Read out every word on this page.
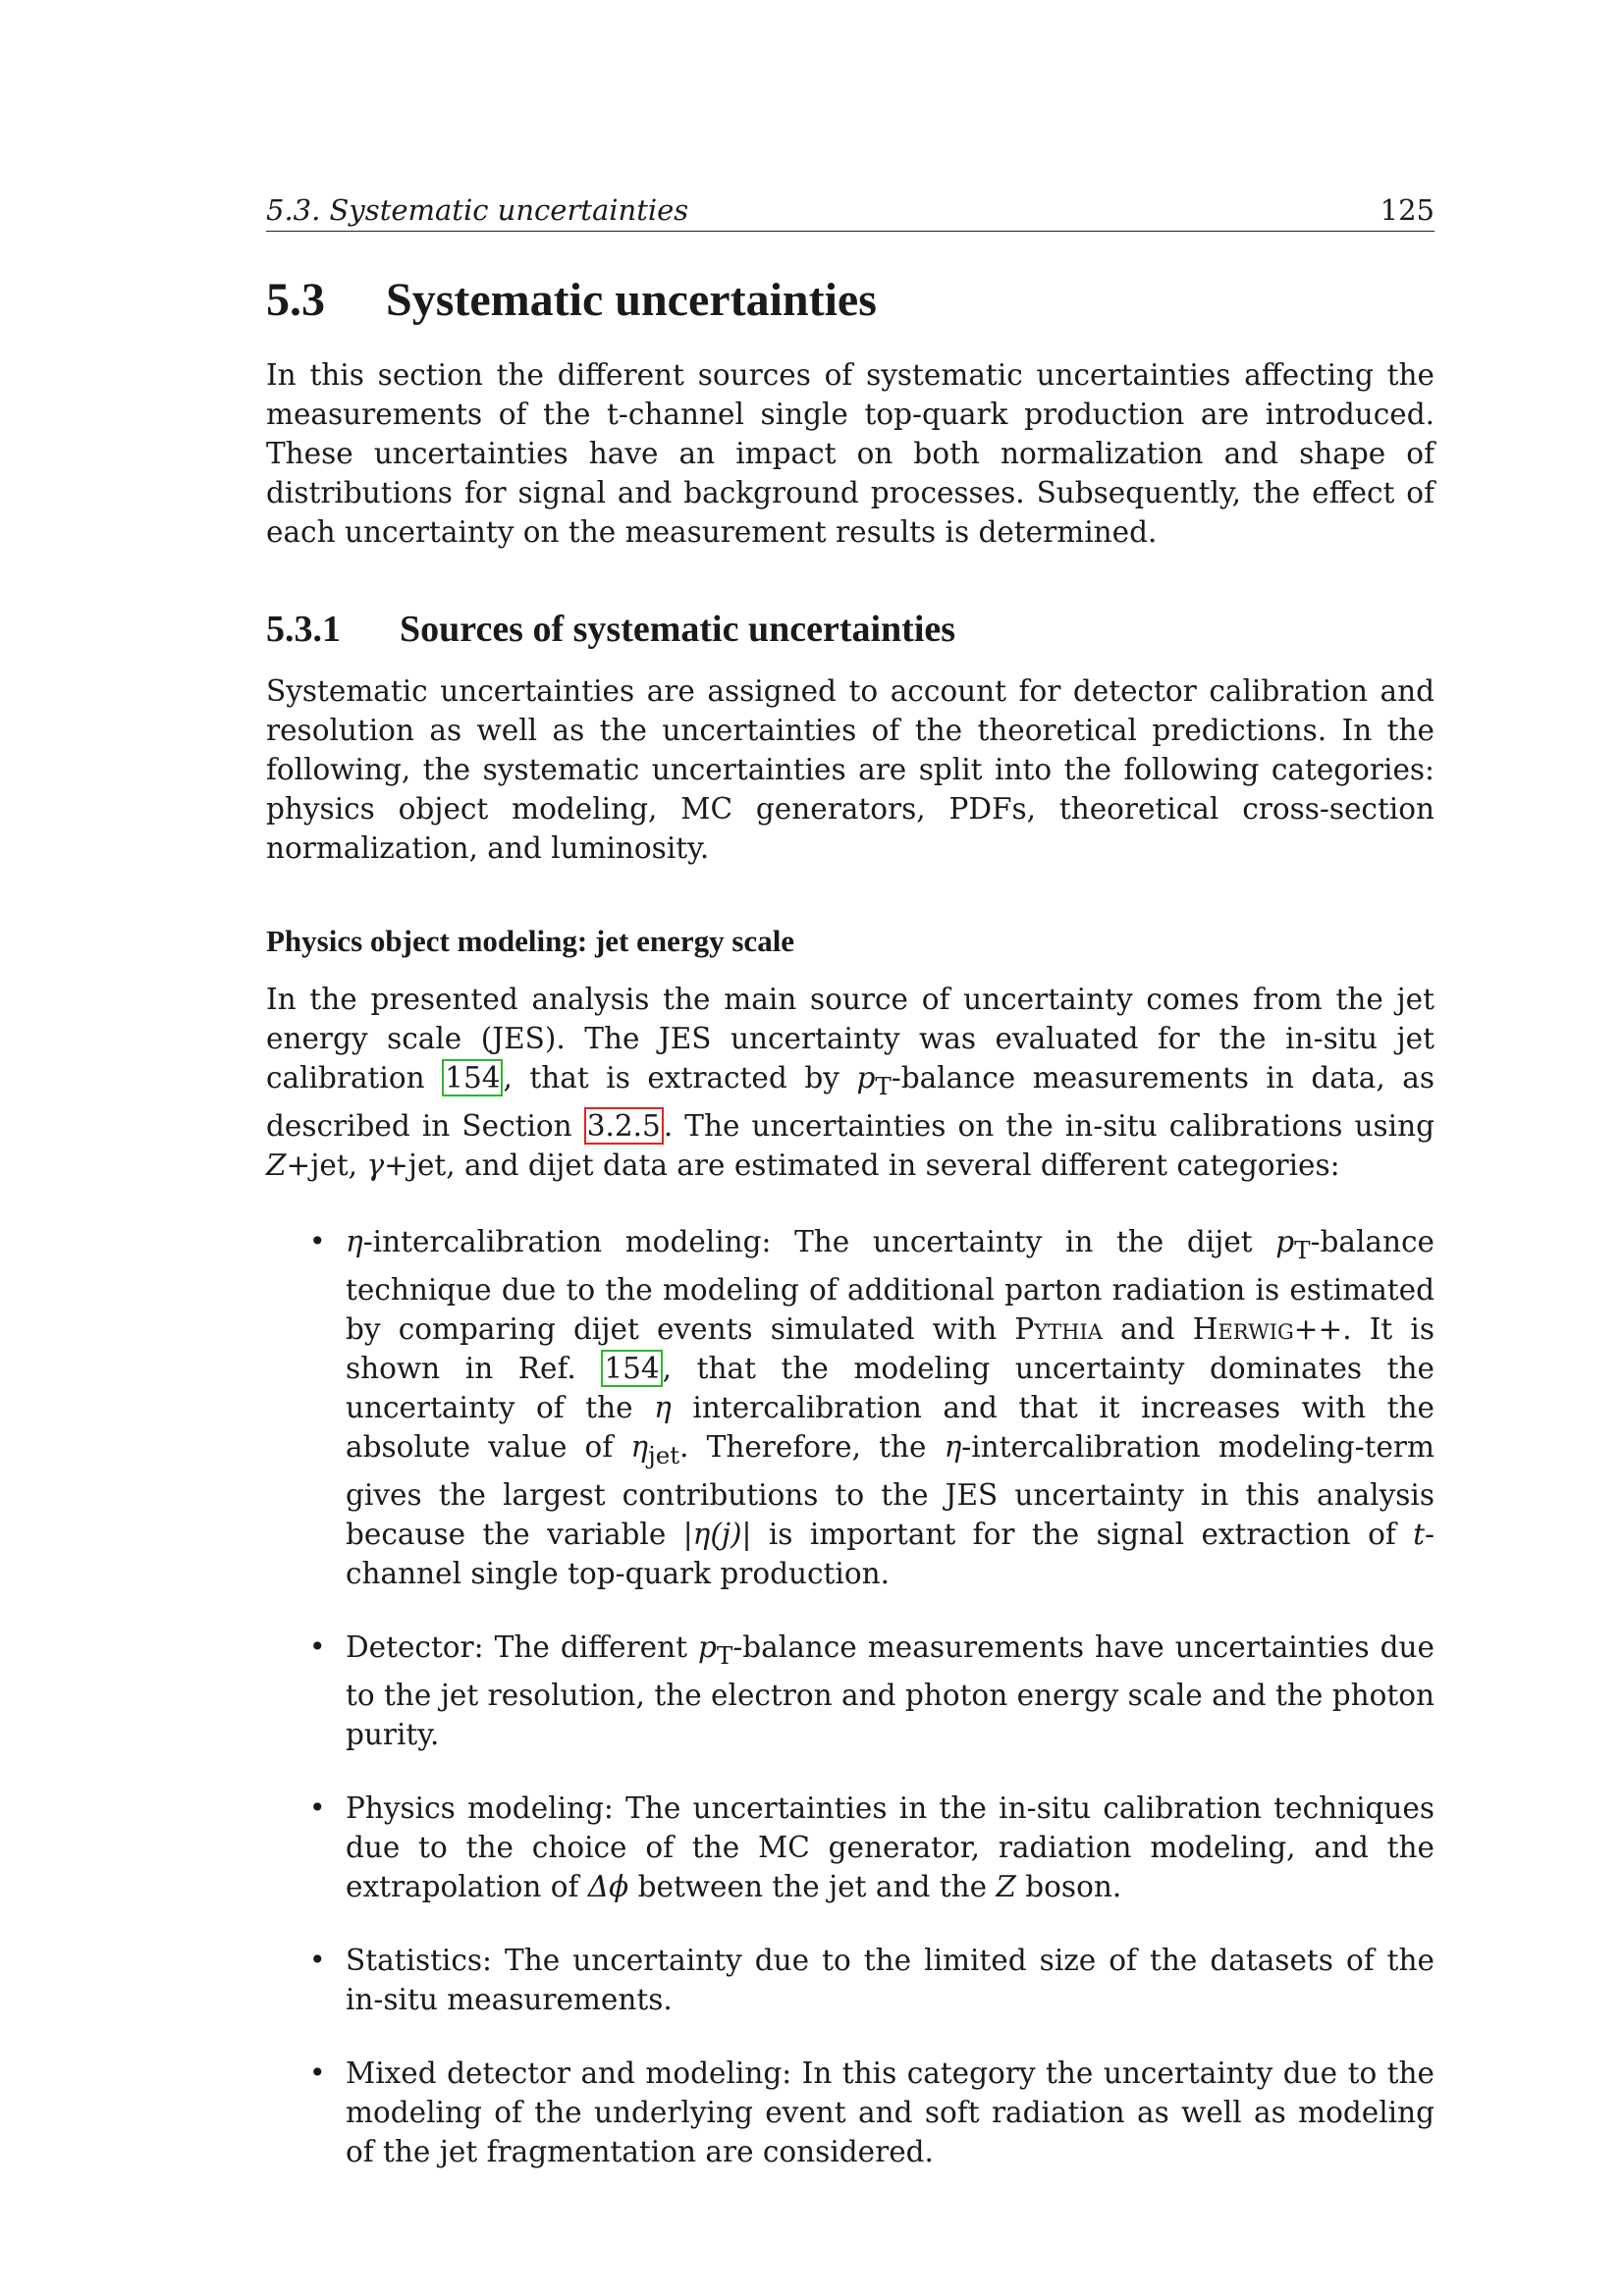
5.3. Systematic uncertainties	125
5.3 Systematic uncertainties

In this section the different sources of systematic uncertainties affecting the measurements of the t-channel single top-quark production are introduced. These uncertainties have an impact on both normalization and shape of distributions for signal and background processes. Subsequently, the effect of each uncertainty on the measurement results is determined.

5.3.1 Sources of systematic uncertainties

Systematic uncertainties are assigned to account for detector calibration and resolution as well as the uncertainties of the theoretical predictions. In the following, the systematic uncertainties are split into the following categories: physics object modeling, MC generators, PDFs, theoretical cross-section normalization, and luminosity.

Physics object modeling: jet energy scale

In the presented analysis the main source of uncertainty comes from the jet energy scale (JES). The JES uncertainty was evaluated for the in-situ jet calibration 154 , that is extracted by $p_T$-balance measurements in data, as described in Section 3.2.5 . The uncertainties on the in-situ calibrations using Z+jet, γ+jet, and dijet data are estimated in several different categories:

• η-intercalibration modeling: The uncertainty in the dijet $p_T$-balance technique due to the modeling of additional parton radiation is estimated by comparing dijet events simulated with Pythia and Herwig++. It is shown in Ref. 154 , that the modeling uncertainty dominates the uncertainty of the η intercalibration and that it increases with the absolute value of $\eta_{jet}$. Therefore, the η-intercalibration modeling-term gives the largest contributions to the JES uncertainty in this analysis because the variable |η(j)| is important for the signal extraction of t-channel single top-quark production.
• Detector: The different $p_T$-balance measurements have uncertainties due to the jet resolution, the electron and photon energy scale and the photon purity.
• Physics modeling: The uncertainties in the in-situ calibration techniques due to the choice of the MC generator, radiation modeling, and the extrapolation of Δϕ between the jet and the Z boson.
• Statistics: The uncertainty due to the limited size of the datasets of the in-situ measurements.
• Mixed detector and modeling: In this category the uncertainty due to the modeling of the underlying event and soft radiation as well as modeling of the jet fragmentation are considered.
